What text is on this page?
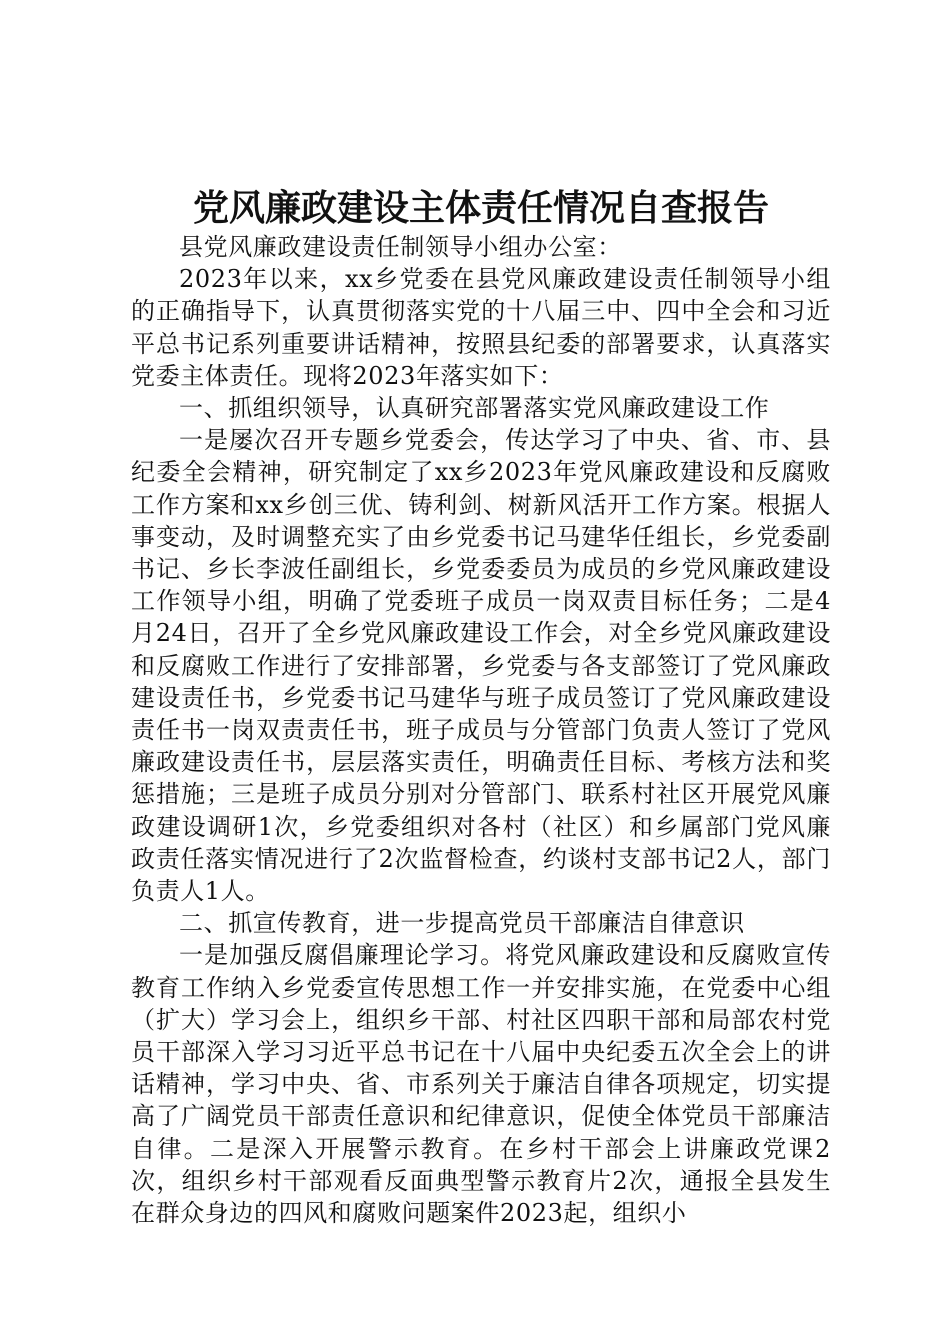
党风廉政建设主体责任情况自查报告

县党风廉政建设责任制领导小组办公室：

2023年以来，xx乡党委在县党风廉政建设责任制领导小组的正确指导下，认真贯彻落实党的十八届三中、四中全会和习近平总书记系列重要讲话精神，按照县纪委的部署要求，认真落实党委主体责任。现将2023年落实如下：

一、抓组织领导，认真研究部署落实党风廉政建设工作

一是屡次召开专题乡党委会，传达学习了中央、省、市、县纪委全会精神，研究制定了xx乡2023年党风廉政建设和反腐败工作方案和xx乡创三优、铸利剑、树新风活开工作方案。根据人事变动，及时调整充实了由乡党委书记马建华任组长，乡党委副书记、乡长李波任副组长，乡党委委员为成员的乡党风廉政建设工作领导小组，明确了党委班子成员一岗双责目标任务；二是4月24日，召开了全乡党风廉政建设工作会，对全乡党风廉政建设和反腐败工作进行了安排部署，乡党委与各支部签订了党风廉政建设责任书，乡党委书记马建华与班子成员签订了党风廉政建设责任书一岗双责责任书，班子成员与分管部门负责人签订了党风廉政建设责任书，层层落实责任，明确责任目标、考核方法和奖惩措施；三是班子成员分别对分管部门、联系村社区开展党风廉政建设调研1次，乡党委组织对各村（社区）和乡属部门党风廉政责任落实情况进行了2次监督检查，约谈村支部书记2人，部门负责人1人。

二、抓宣传教育，进一步提高党员干部廉洁自律意识

一是加强反腐倡廉理论学习。将党风廉政建设和反腐败宣传教育工作纳入乡党委宣传思想工作一并安排实施，在党委中心组（扩大）学习会上，组织乡干部、村社区四职干部和局部农村党员干部深入学习习近平总书记在十八届中央纪委五次全会上的讲话精神，学习中央、省、市系列关于廉洁自律各项规定，切实提高了广阔党员干部责任意识和纪律意识，促使全体党员干部廉洁自律。二是深入开展警示教育。在乡村干部会上讲廉政党课2次，组织乡村干部观看反面典型警示教育片2次，通报全县发生在群众身边的四风和腐败问题案件2023起，组织小
